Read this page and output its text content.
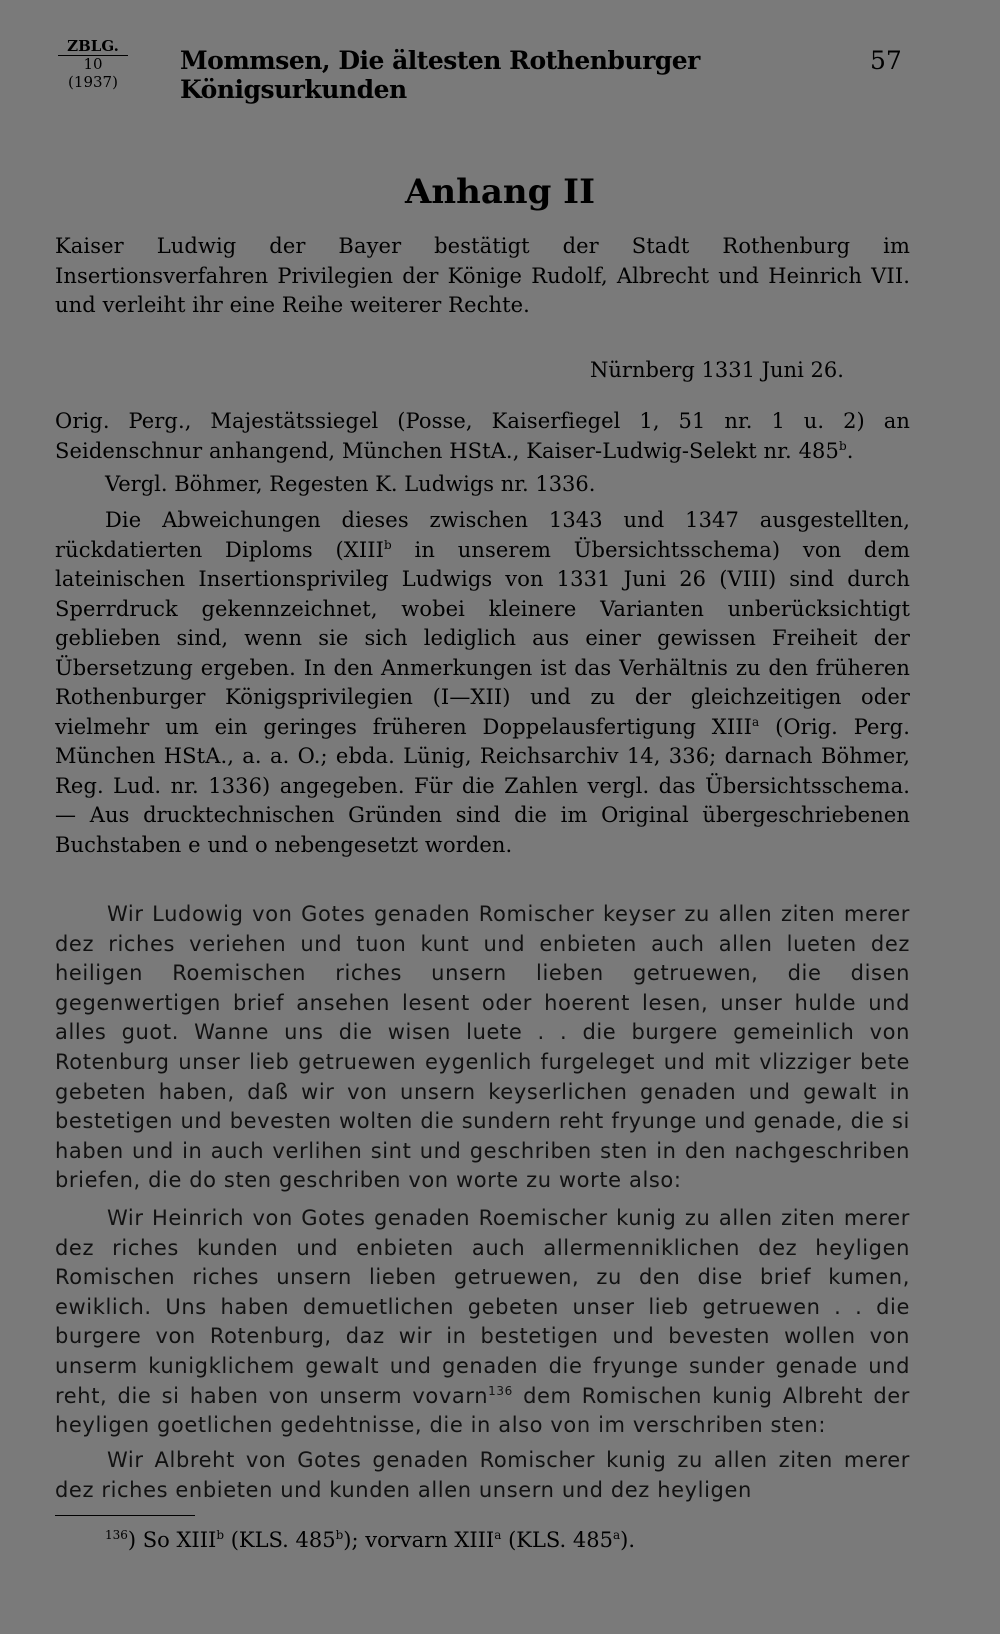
ZBLG.
10 (1937)
Mommsen, Die ältesten Rothenburger Königsurkunden
57
Anhang II
Kaiser Ludwig der Bayer bestätigt der Stadt Rothenburg im Insertionsverfahren Privilegien der Könige Rudolf, Albrecht und Heinrich VII. und verleiht ihr eine Reihe weiterer Rechte.
Nürnberg 1331 Juni 26.
Orig. Perg., Majestätssiegel (Posse, Kaiserfiegel 1, 51 nr. 1 u. 2) an Seidenschnur anhangend, München HStA., Kaiser-Ludwig-Selekt nr. 485$^b$.
Vergl. Böhmer, Regesten K. Ludwigs nr. 1336.
Die Abweichungen dieses zwischen 1343 und 1347 ausgestellten, rückdatierten Diploms (XIII$^b$ in unserem Übersichtsschema) von dem lateinischen Insertionsprivileg Ludwigs von 1331 Juni 26 (VIII) sind durch Sperrdruck gekennzeichnet, wobei kleinere Varianten unberücksichtigt geblieben sind, wenn sie sich lediglich aus einer gewissen Freiheit der Übersetzung ergeben. In den Anmerkungen ist das Verhältnis zu den früheren Rothenburger Königsprivilegien (I—XII) und zu der gleichzeitigen oder vielmehr um ein geringes früheren Doppelausfertigung XIII$^a$ (Orig. Perg. München HStA., a. a. O.; ebda. Lünig, Reichsarchiv 14, 336; darnach Böhmer, Reg. Lud. nr. 1336) angegeben. Für die Zahlen vergl. das Übersichtsschema. — Aus drucktechnischen Gründen sind die im Original übergeschriebenen Buchstaben e und o nebengesetzt worden.
Wir Ludowig von Gotes genaden Romischer keyser zu allen ziten merer dez riches veriehen und tuon kunt und enbieten auch allen lueten dez heiligen Roemischen riches unsern lieben getruewen, die disen gegenwertigen brief ansehen lesent oder hoerent lesen, unser hulde und alles guot. Wanne uns die wisen luete . . die burgere gemeinlich von Rotenburg unser lieb getruewen eygenlich furgeleget und mit vlizziger bete gebeten haben, daß wir von unsern keyserlichen genaden und gewalt in bestetigen und bevesten wolten die sundern reht fryunge und genade, die si haben und in auch verlihen sint und geschriben sten in den nachgeschriben briefen, die do sten geschriben von worte zu worte also:
Wir Heinrich von Gotes genaden Roemischer kunig zu allen ziten merer dez riches kunden und enbieten auch allermenniklichen dez heyligen Romischen riches unsern lieben getruewen, zu den dise brief kumen, ewiklich. Uns haben demuetlichen gebeten unser lieb getruewen . . die burgere von Rotenburg, daz wir in bestetigen und bevesten wollen von unserm kunigklichem gewalt und genaden die fryunge sunder genade und reht, die si haben von unserm vovarn$^{136}$ dem Romischen kunig Albreht der heyligen goetlichen gedehtnisse, die in also von im verschriben sten:
Wir Albreht von Gotes genaden Romischer kunig zu allen ziten merer dez riches enbieten und kunden allen unsern und dez heyligen
$^{136}$) So XIII$^b$ (KLS. 485$^b$); vorvarn XIII$^a$ (KLS. 485$^a$).
